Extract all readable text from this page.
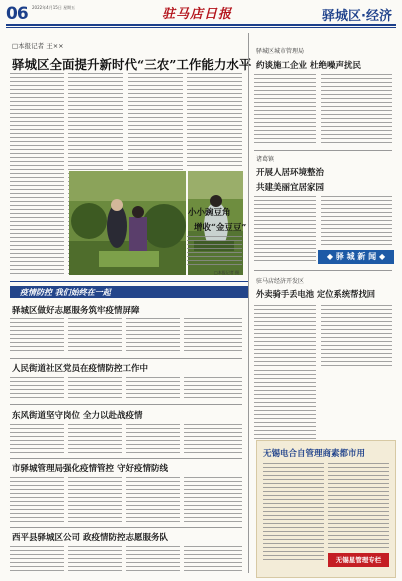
06 2022年4月15日 星期五	驻马店日报	驿城区·经济
□本报记者 王××
驿城区全面提升新时代“三农”工作能力水平
小小豌豆角
增收“金豆豆”
□本报记者 摄
疫情防控 我们始终在一起
驿城区做好志愿服务筑牢疫情屏障
人民街道社区党员在疫情防控工作中
东风街道坚守岗位 全力以赴战疫情
市驿城管理局强化疫情管控 守好疫情防线
西平县驿城区公司 政疫情防控志愿服务队
驿城区城市管理局
约谈施工企业 杜绝噪声扰民
诸葛镇
开展人居环境整治
共建美丽宜居家园
◆ 驿 城 新 闻 ◆
驻马店经济开发区
外卖骑手丢电池 定位系统帮找回
无锡电合自管理商素都市用
无锡星管理专栏
